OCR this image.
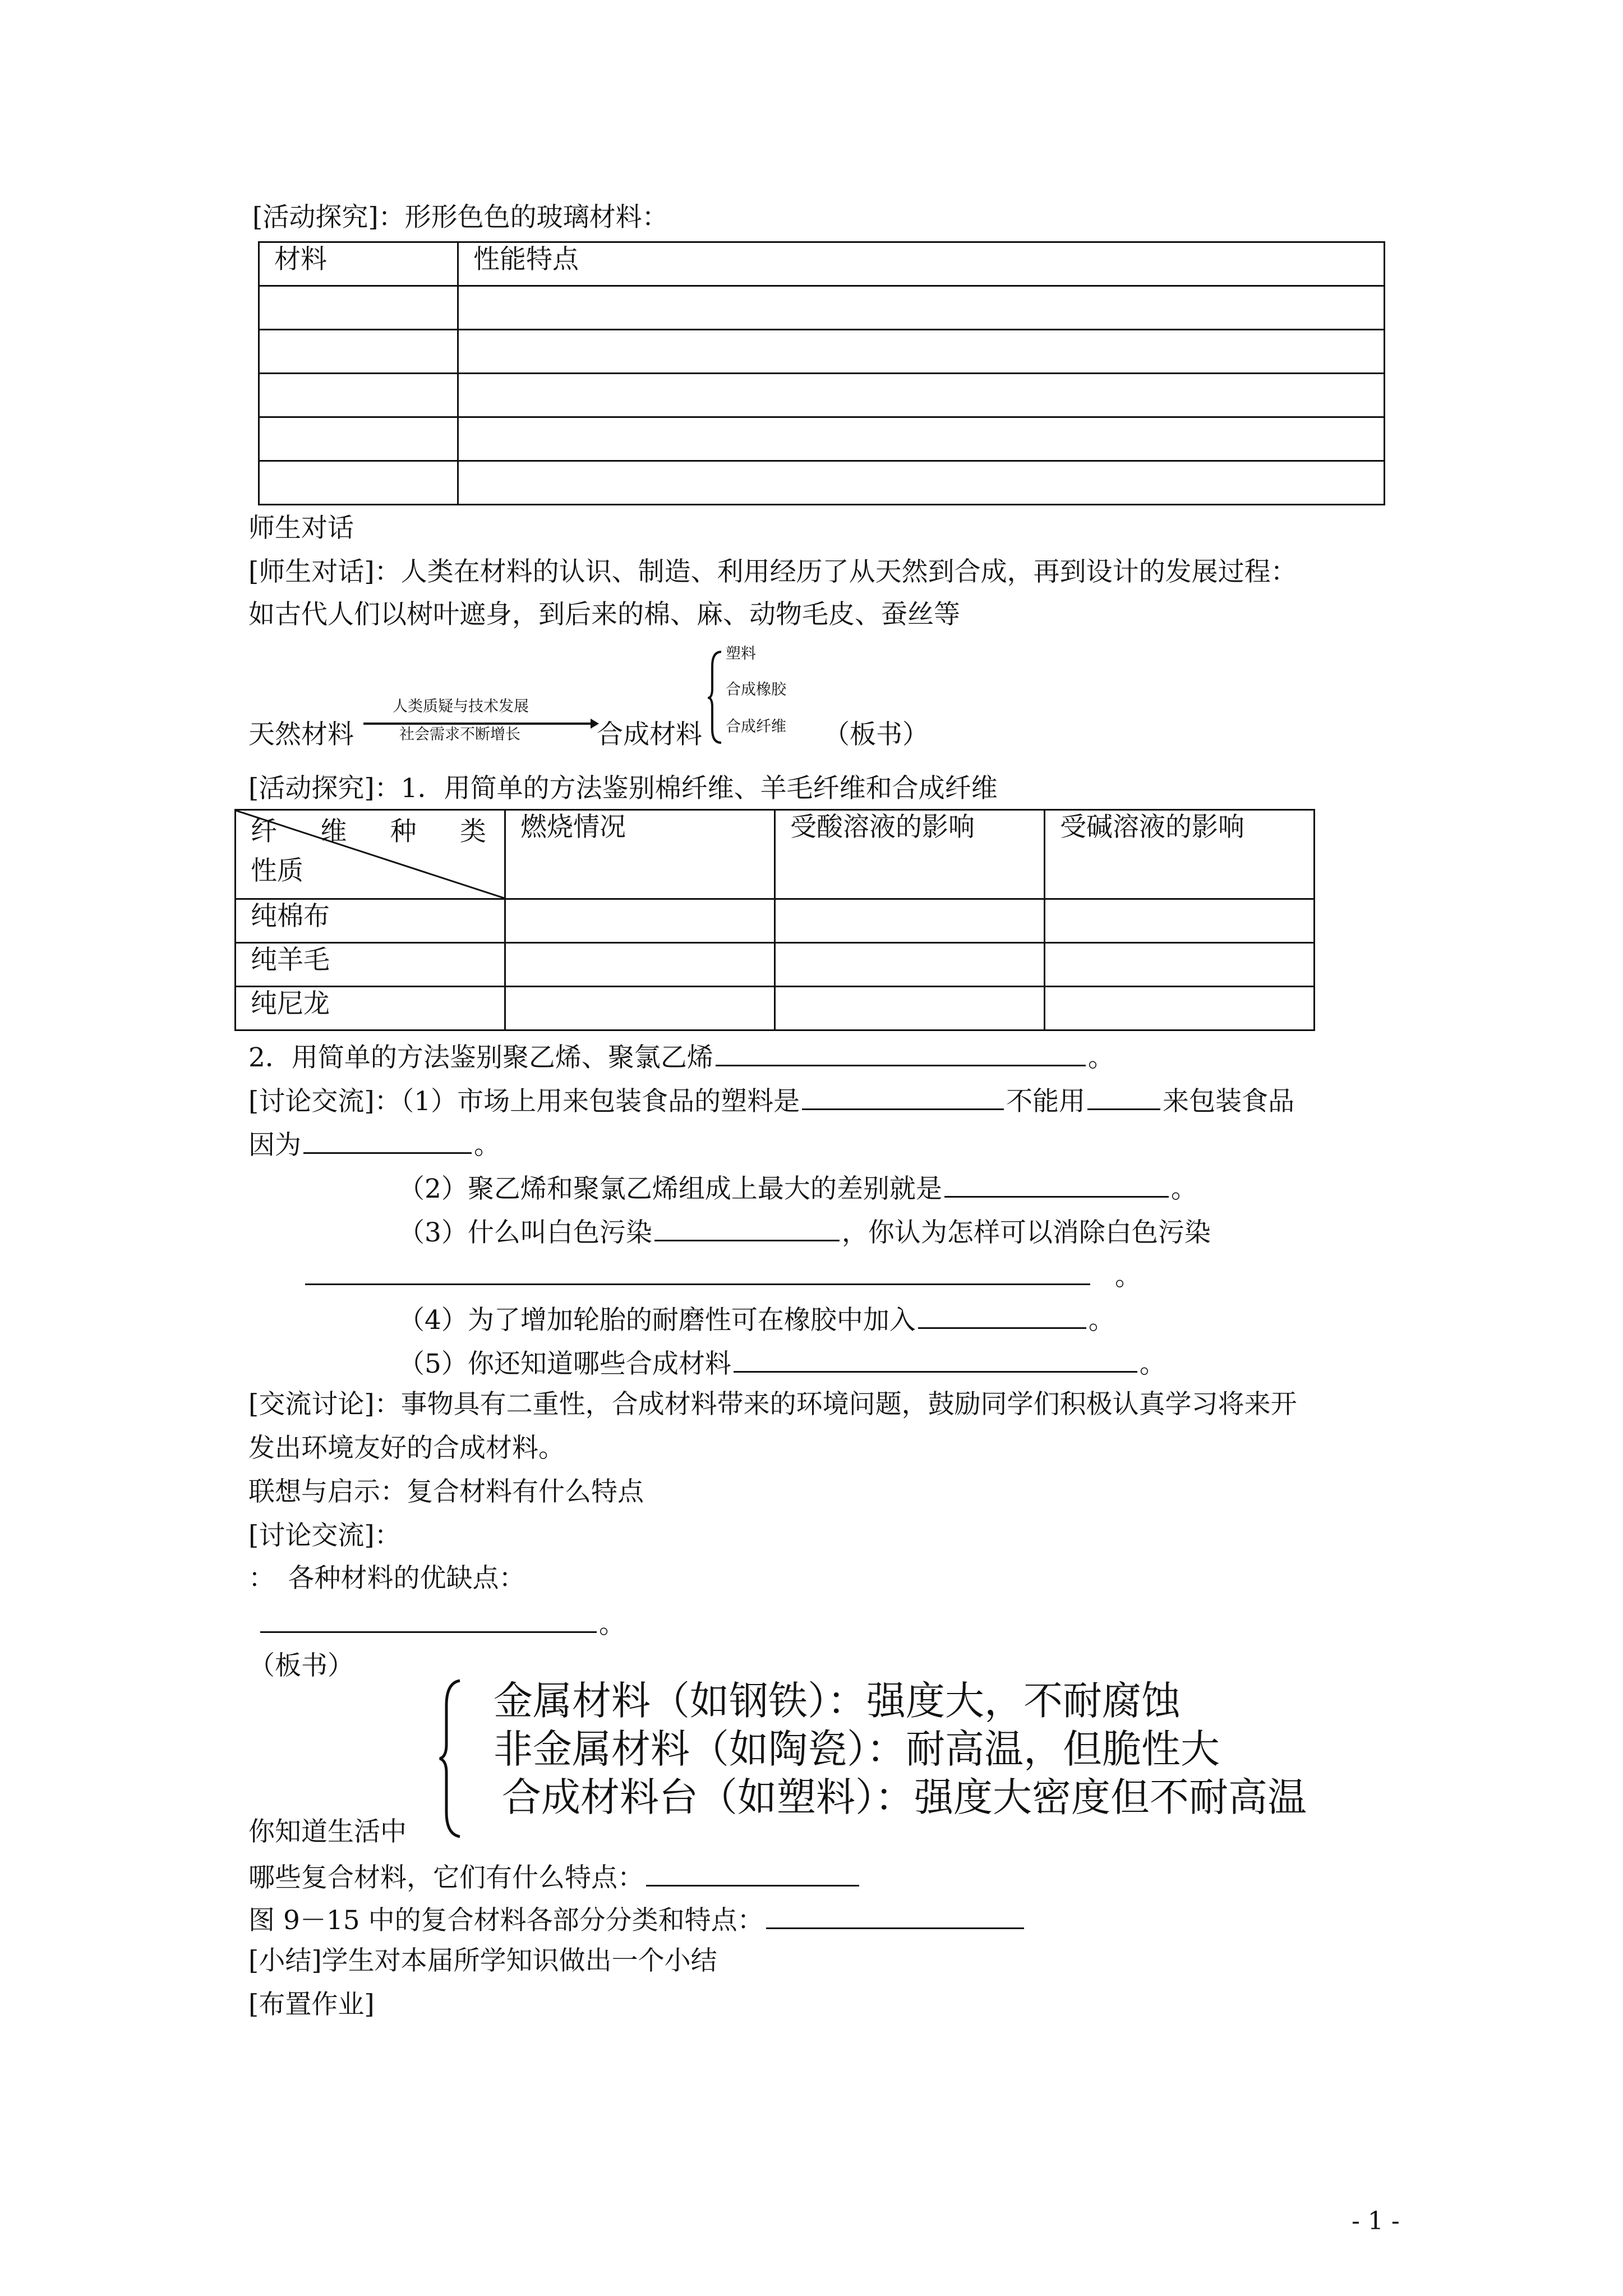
[活动探究]：形形色色的玻璃材料：
材料	性能特点

师生对话
[师生对话]：人类在材料的认识、制造、利用经历了从天然到合成，再到设计的发展过程：
如古代人们以树叶遮身，到后来的棉、麻、动物毛皮、蚕丝等
天然材料
人类质疑与技术发展
社会需求不断增长	合成材料
塑料
合成橡胶
合成纤维 （板书）
[活动探究]：1．用简单的方法鉴别棉纤维、羊毛纤维和合成纤维
纤 维 种 类
性质	燃烧情况	受酸溶液的影响	受碱溶液的影响
纯棉布			
纯羊毛			
纯尼龙			
2．用简单的方法鉴别聚乙烯、聚氯乙烯	。
[讨论交流]：（1）市场上用来包装食品的塑料是	不能用	来包装食品
因为	。
（2）聚乙烯和聚氯乙烯组成上最大的差别就是	。
（3）什么叫白色污染	，你认为怎样可以消除白色污染
。
（4）为了增加轮胎的耐磨性可在橡胶中加入	。
（5）你还知道哪些合成材料	。
[交流讨论]：事物具有二重性，合成材料带来的环境问题，鼓励同学们积极认真学习将来开
发出环境友好的合成材料。
联想与启示：复合材料有什么特点
[讨论交流]：
：　各种材料的优缺点：
。
（板书）
金属材料（如钢铁）：强度大，不耐腐蚀
非金属材料（如陶瓷）：耐高温，但脆性大
合成材料台（如塑料）：强度大密度但不耐高温
你知道生活中
哪些复合材料，它们有什么特点：
图 9－15 中的复合材料各部分分类和特点：
[小结]学生对本届所学知识做出一个小结
[布置作业]
- 1 -
